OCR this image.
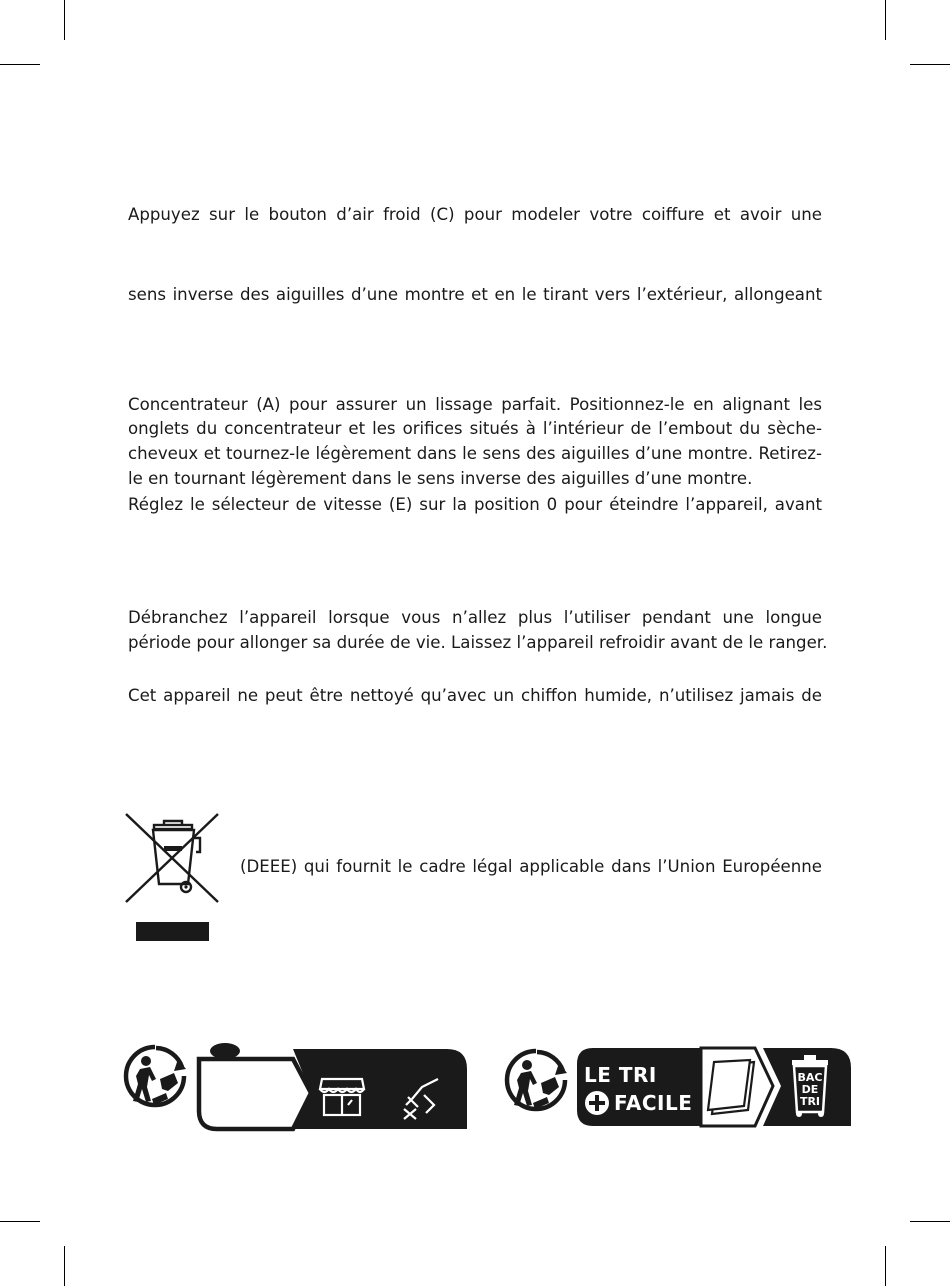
Appuyez sur le bouton d’air froid (C) pour modeler votre coiffure et avoir une
sens inverse des aiguilles d’une montre et en le tirant vers l’extérieur, allongeant
Concentrateur (A) pour assurer un lissage parfait. Positionnez-le en alignant les
onglets du concentrateur et les orifices situés à l’intérieur de l’embout du sèche-
cheveux et tournez-le légèrement dans le sens des aiguilles d’une montre. Retirez-
le en tournant légèrement dans le sens inverse des aiguilles d’une montre.
Réglez le sélecteur de vitesse (E) sur la position 0 pour éteindre l’appareil, avant
Débranchez l’appareil lorsque vous n’allez plus l’utiliser pendant une longue
période pour allonger sa durée de vie. Laissez l’appareil refroidir avant de le ranger.
Cet appareil ne peut être nettoyé qu’avec un chiffon humide, n’utilisez jamais de
(DEEE) qui fournit le cadre légal applicable dans l’Union Européenne
LE TRI
FACILE
BAC
DE
TRI
